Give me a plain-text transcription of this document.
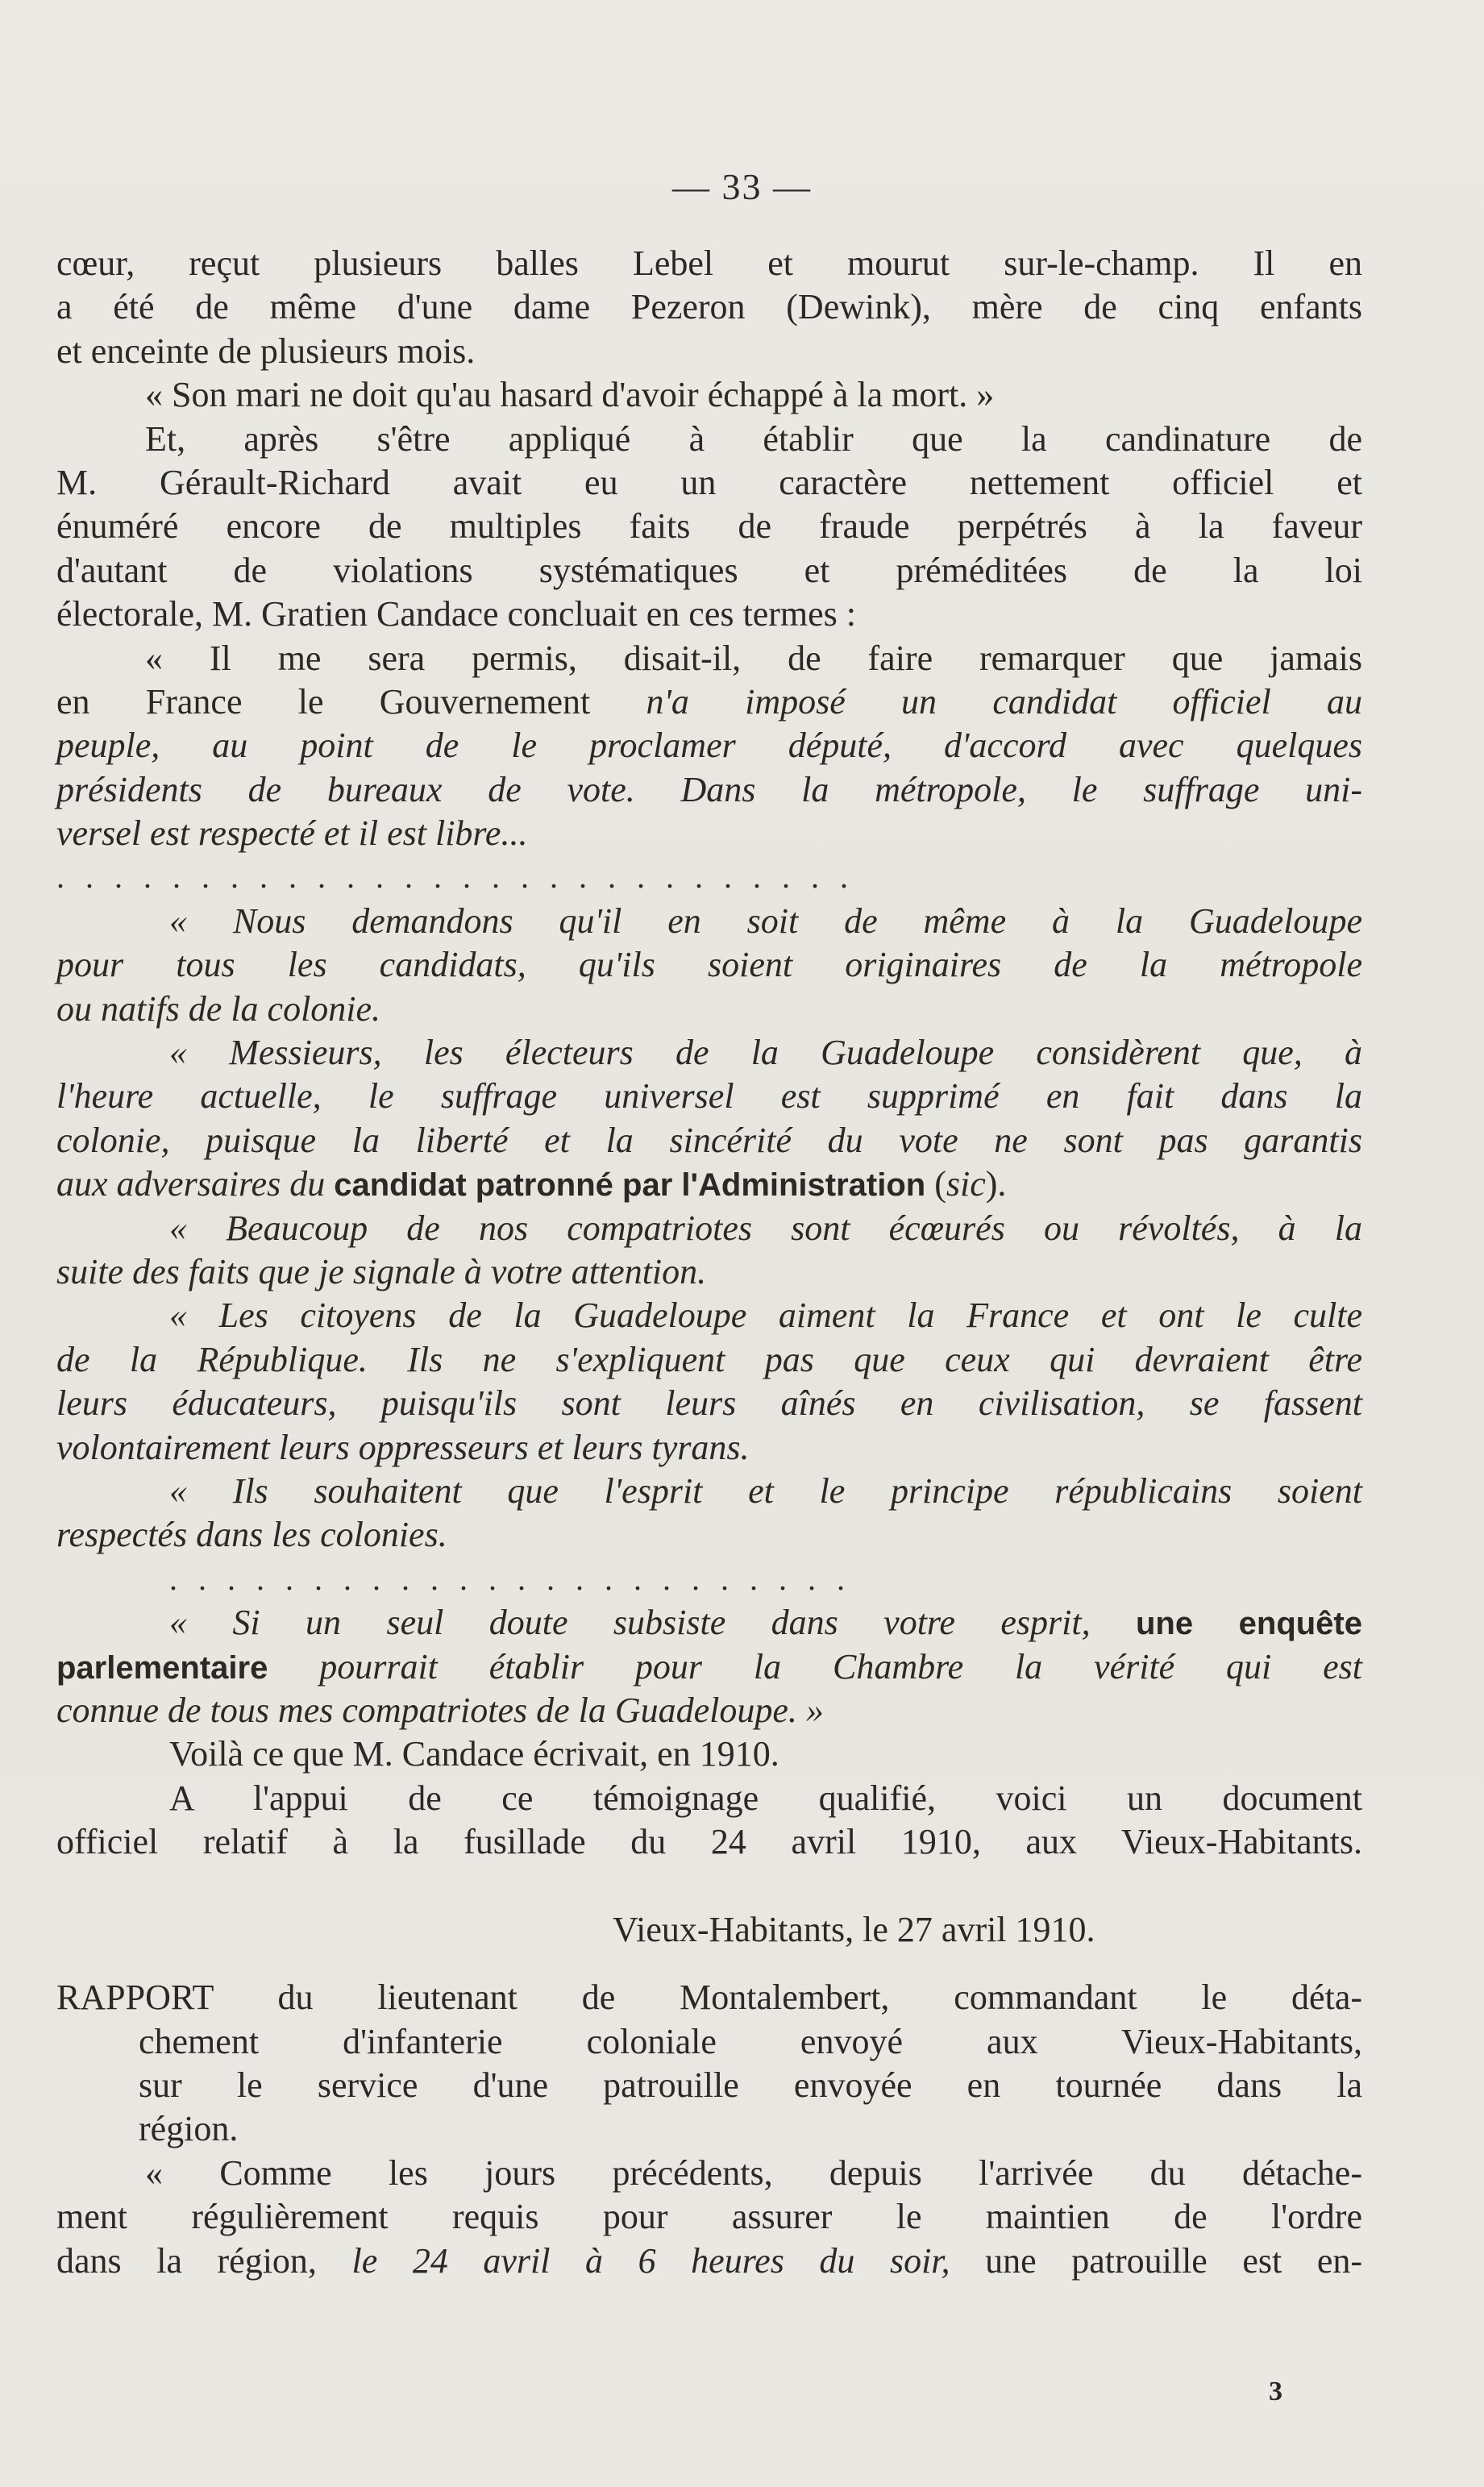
— 33 —
cœur, reçut plusieurs balles Lebel et mourut sur-le-champ. Il en
a été de même d'une dame Pezeron (Dewink), mère de cinq enfants
et enceinte de plusieurs mois.
« Son mari ne doit qu'au hasard d'avoir échappé à la mort. »
Et, après s'être appliqué à établir que la candinature de
M. Gérault-Richard avait eu un caractère nettement officiel et
énuméré encore de multiples faits de fraude perpétrés à la faveur
d'autant de violations systématiques et préméditées de la loi
électorale, M. Gratien Candace concluait en ces termes :
« Il me sera permis, disait-il, de faire remarquer que jamais
en France le Gouvernement n'a imposé un candidat officiel au
peuple, au point de le proclamer député, d'accord avec quelques
présidents de bureaux de vote. Dans la métropole, le suffrage uni-
versel est respecté et il est libre...
............................
« Nous demandons qu'il en soit de même à la Guadeloupe
pour tous les candidats, qu'ils soient originaires de la métropole
ou natifs de la colonie.
« Messieurs, les électeurs de la Guadeloupe considèrent que, à
l'heure actuelle, le suffrage universel est supprimé en fait dans la
colonie, puisque la liberté et la sincérité du vote ne sont pas garantis
aux adversaires du candidat patronné par l'Administration (sic).
« Beaucoup de nos compatriotes sont écœurés ou révoltés, à la
suite des faits que je signale à votre attention.
« Les citoyens de la Guadeloupe aiment la France et ont le culte
de la République. Ils ne s'expliquent pas que ceux qui devraient être
leurs éducateurs, puisqu'ils sont leurs aînés en civilisation, se fassent
volontairement leurs oppresseurs et leurs tyrans.
« Ils souhaitent que l'esprit et le principe républicains soient
respectés dans les colonies.
........................
« Si un seul doute subsiste dans votre esprit, une enquête
parlementaire pourrait établir pour la Chambre la vérité qui est
connue de tous mes compatriotes de la Guadeloupe. »
Voilà ce que M. Candace écrivait, en 1910.
A l'appui de ce témoignage qualifié, voici un document
officiel relatif à la fusillade du 24 avril 1910, aux Vieux-Habitants.
Vieux-Habitants, le 27 avril 1910.
RAPPORT du lieutenant de Montalembert, commandant le déta-
chement d'infanterie coloniale envoyé aux Vieux-Habitants,
sur le service d'une patrouille envoyée en tournée dans la
région.
« Comme les jours précédents, depuis l'arrivée du détache-
ment régulièrement requis pour assurer le maintien de l'ordre
dans la région, le 24 avril à 6 heures du soir, une patrouille est en-
3
